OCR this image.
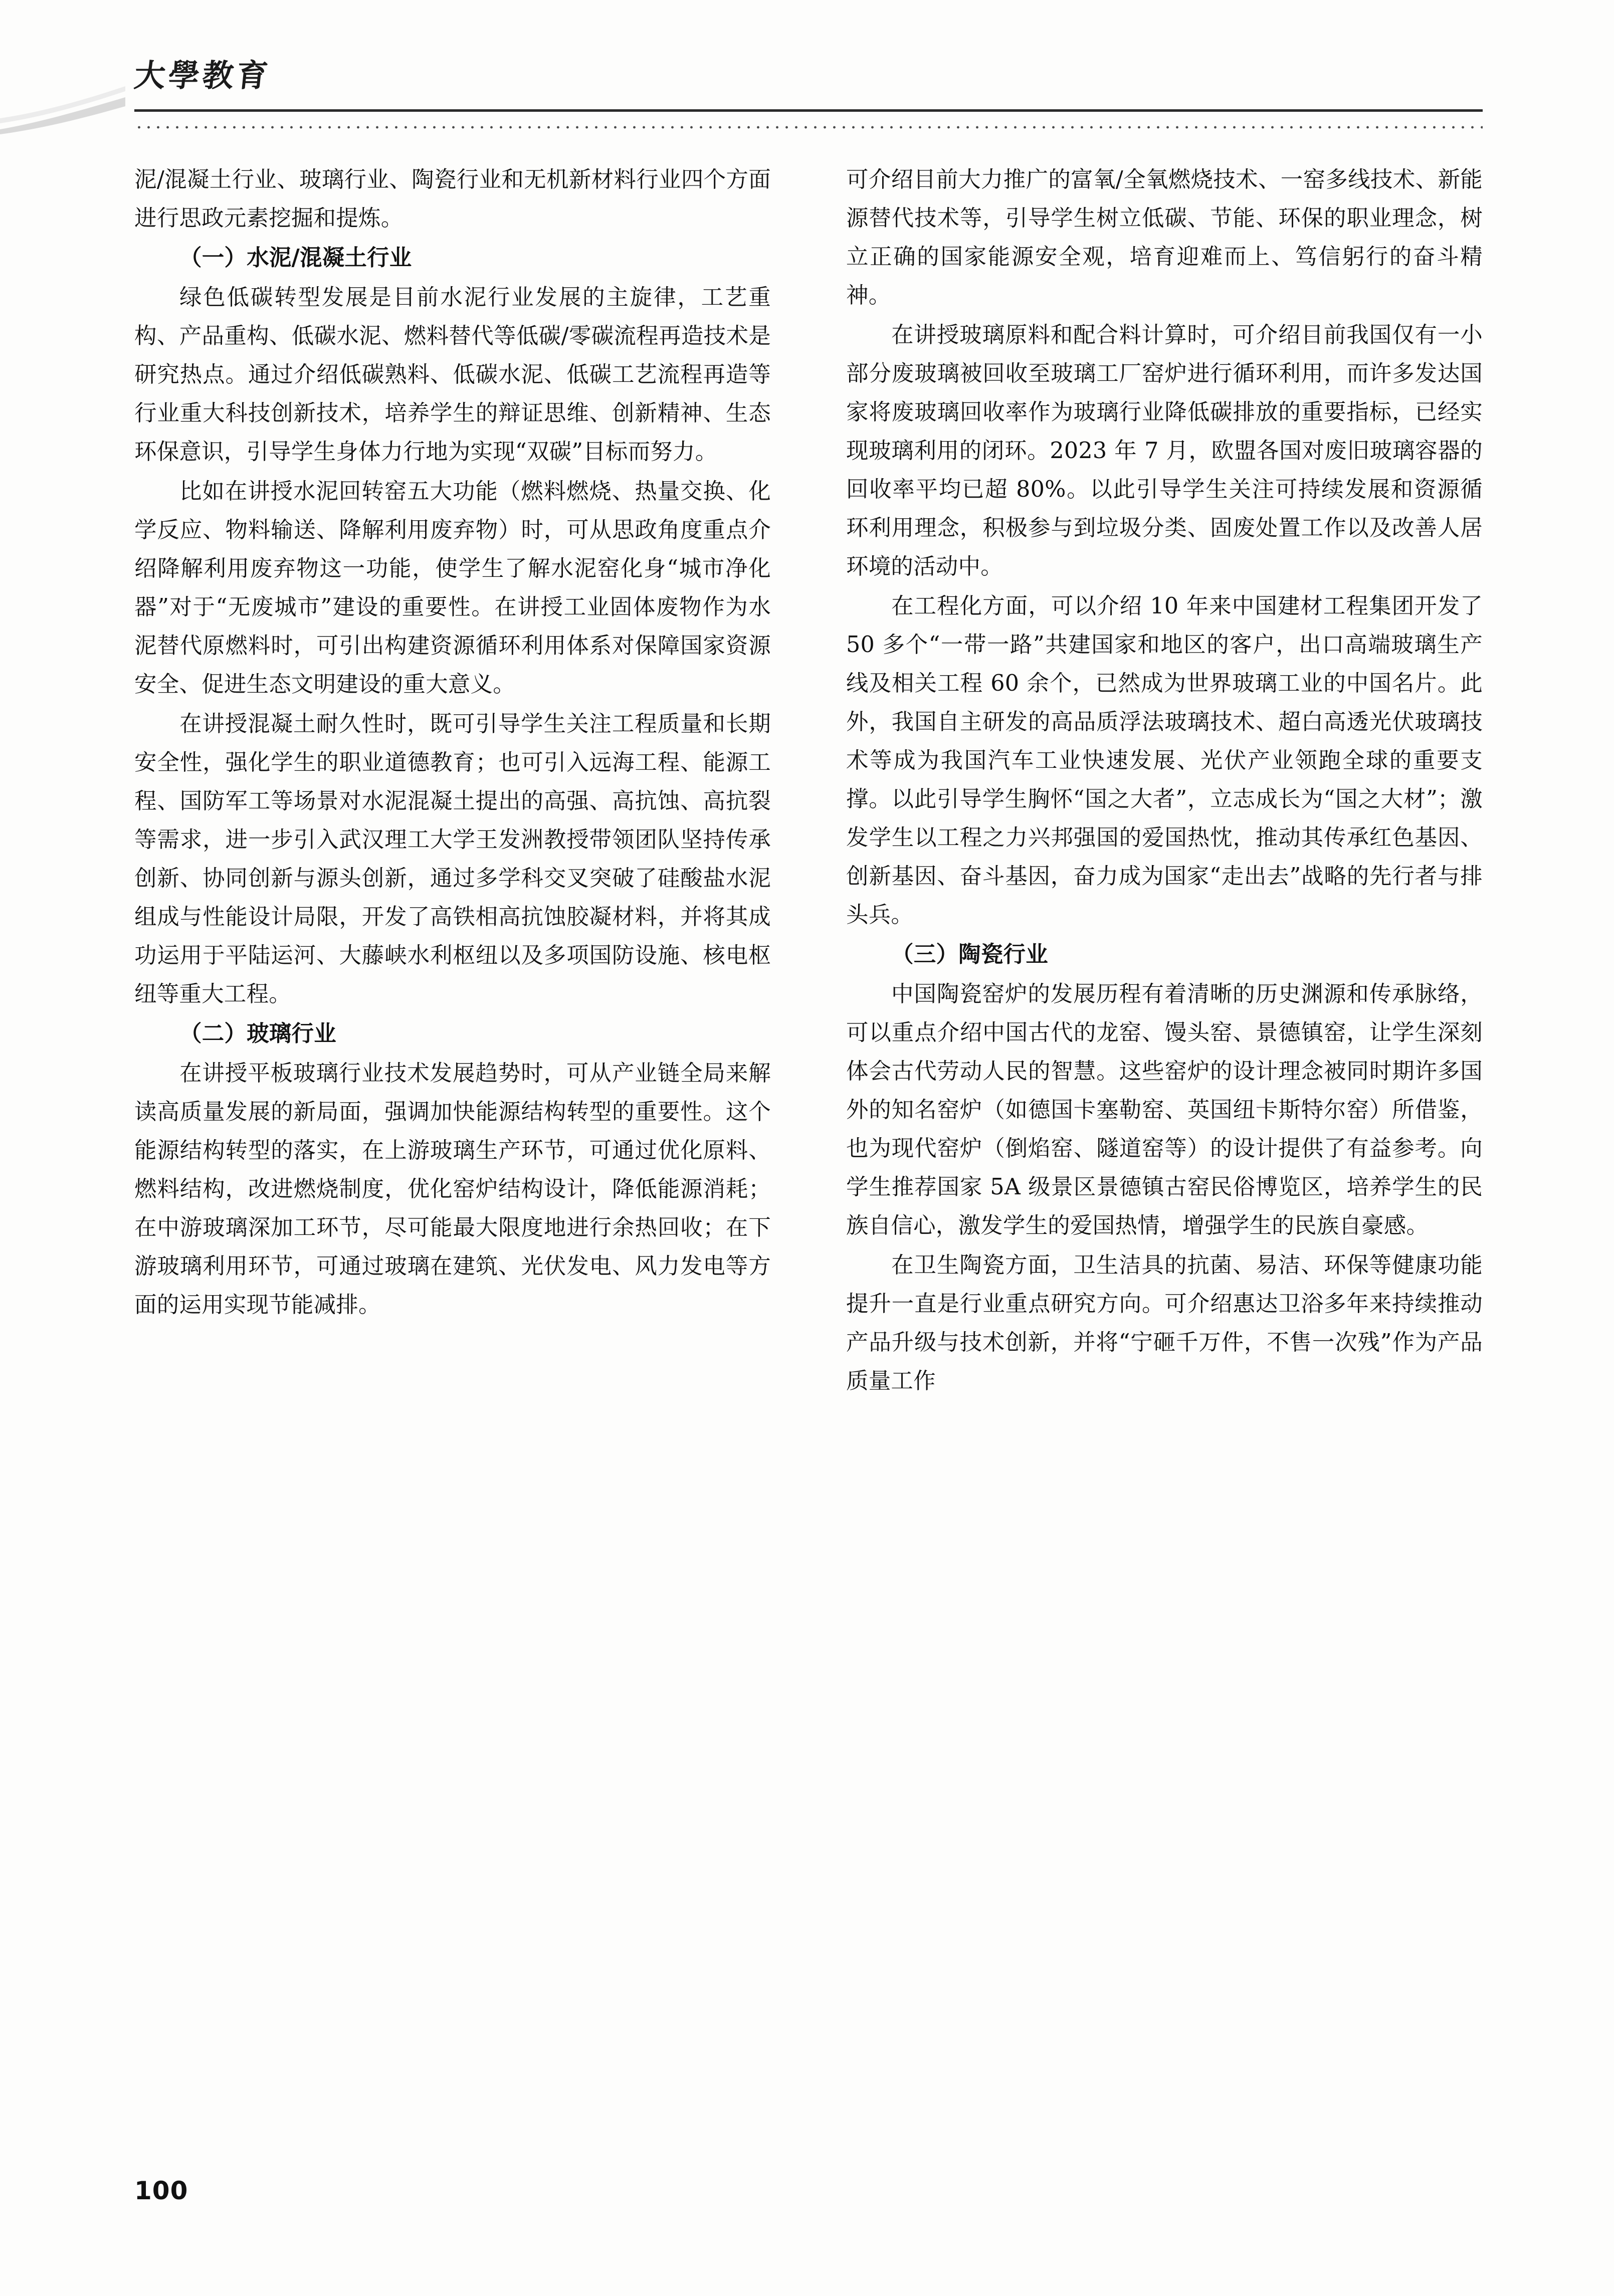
大學教育

泥/混凝土行业、玻璃行业、陶瓷行业和无机新材料行业四个方面进行思政元素挖掘和提炼。

（一）水泥/混凝土行业

绿色低碳转型发展是目前水泥行业发展的主旋律，工艺重构、产品重构、低碳水泥、燃料替代等低碳/零碳流程再造技术是研究热点。通过介绍低碳熟料、低碳水泥、低碳工艺流程再造等行业重大科技创新技术，培养学生的辩证思维、创新精神、生态环保意识，引导学生身体力行地为实现“双碳”目标而努力。

比如在讲授水泥回转窑五大功能（燃料燃烧、热量交换、化学反应、物料输送、降解利用废弃物）时，可从思政角度重点介绍降解利用废弃物这一功能，使学生了解水泥窑化身“城市净化器”对于“无废城市”建设的重要性。在讲授工业固体废物作为水泥替代原燃料时，可引出构建资源循环利用体系对保障国家资源安全、促进生态文明建设的重大意义。

在讲授混凝土耐久性时，既可引导学生关注工程质量和长期安全性，强化学生的职业道德教育；也可引入远海工程、能源工程、国防军工等场景对水泥混凝土提出的高强、高抗蚀、高抗裂等需求，进一步引入武汉理工大学王发洲教授带领团队坚持传承创新、协同创新与源头创新，通过多学科交叉突破了硅酸盐水泥组成与性能设计局限，开发了高铁相高抗蚀胶凝材料，并将其成功运用于平陆运河、大藤峡水利枢纽以及多项国防设施、核电枢纽等重大工程。

（二）玻璃行业

在讲授平板玻璃行业技术发展趋势时，可从产业链全局来解读高质量发展的新局面，强调加快能源结构转型的重要性。这个能源结构转型的落实，在上游玻璃生产环节，可通过优化原料、燃料结构，改进燃烧制度，优化窑炉结构设计，降低能源消耗；在中游玻璃深加工环节，尽可能最大限度地进行余热回收；在下游玻璃利用环节，可通过玻璃在建筑、光伏发电、风力发电等方面的运用实现节能减排。

可介绍目前大力推广的富氧/全氧燃烧技术、一窑多线技术、新能源替代技术等，引导学生树立低碳、节能、环保的职业理念，树立正确的国家能源安全观，培育迎难而上、笃信躬行的奋斗精神。

在讲授玻璃原料和配合料计算时，可介绍目前我国仅有一小部分废玻璃被回收至玻璃工厂窑炉进行循环利用，而许多发达国家将废玻璃回收率作为玻璃行业降低碳排放的重要指标，已经实现玻璃利用的闭环。2023 年 7 月，欧盟各国对废旧玻璃容器的回收率平均已超 80%。以此引导学生关注可持续发展和资源循环利用理念，积极参与到垃圾分类、固废处置工作以及改善人居环境的活动中。

在工程化方面，可以介绍 10 年来中国建材工程集团开发了 50 多个“一带一路”共建国家和地区的客户，出口高端玻璃生产线及相关工程 60 余个，已然成为世界玻璃工业的中国名片。此外，我国自主研发的高品质浮法玻璃技术、超白高透光伏玻璃技术等成为我国汽车工业快速发展、光伏产业领跑全球的重要支撑。以此引导学生胸怀“国之大者”，立志成长为“国之大材”；激发学生以工程之力兴邦强国的爱国热忱，推动其传承红色基因、创新基因、奋斗基因，奋力成为国家“走出去”战略的先行者与排头兵。

（三）陶瓷行业

中国陶瓷窑炉的发展历程有着清晰的历史渊源和传承脉络，可以重点介绍中国古代的龙窑、馒头窑、景德镇窑，让学生深刻体会古代劳动人民的智慧。这些窑炉的设计理念被同时期许多国外的知名窑炉（如德国卡塞勒窑、英国纽卡斯特尔窑）所借鉴，也为现代窑炉（倒焰窑、隧道窑等）的设计提供了有益参考。向学生推荐国家 5A 级景区景德镇古窑民俗博览区，培养学生的民族自信心，激发学生的爱国热情，增强学生的民族自豪感。

在卫生陶瓷方面，卫生洁具的抗菌、易洁、环保等健康功能提升一直是行业重点研究方向。可介绍惠达卫浴多年来持续推动产品升级与技术创新，并将“宁砸千万件，不售一次残”作为产品质量工作

100
